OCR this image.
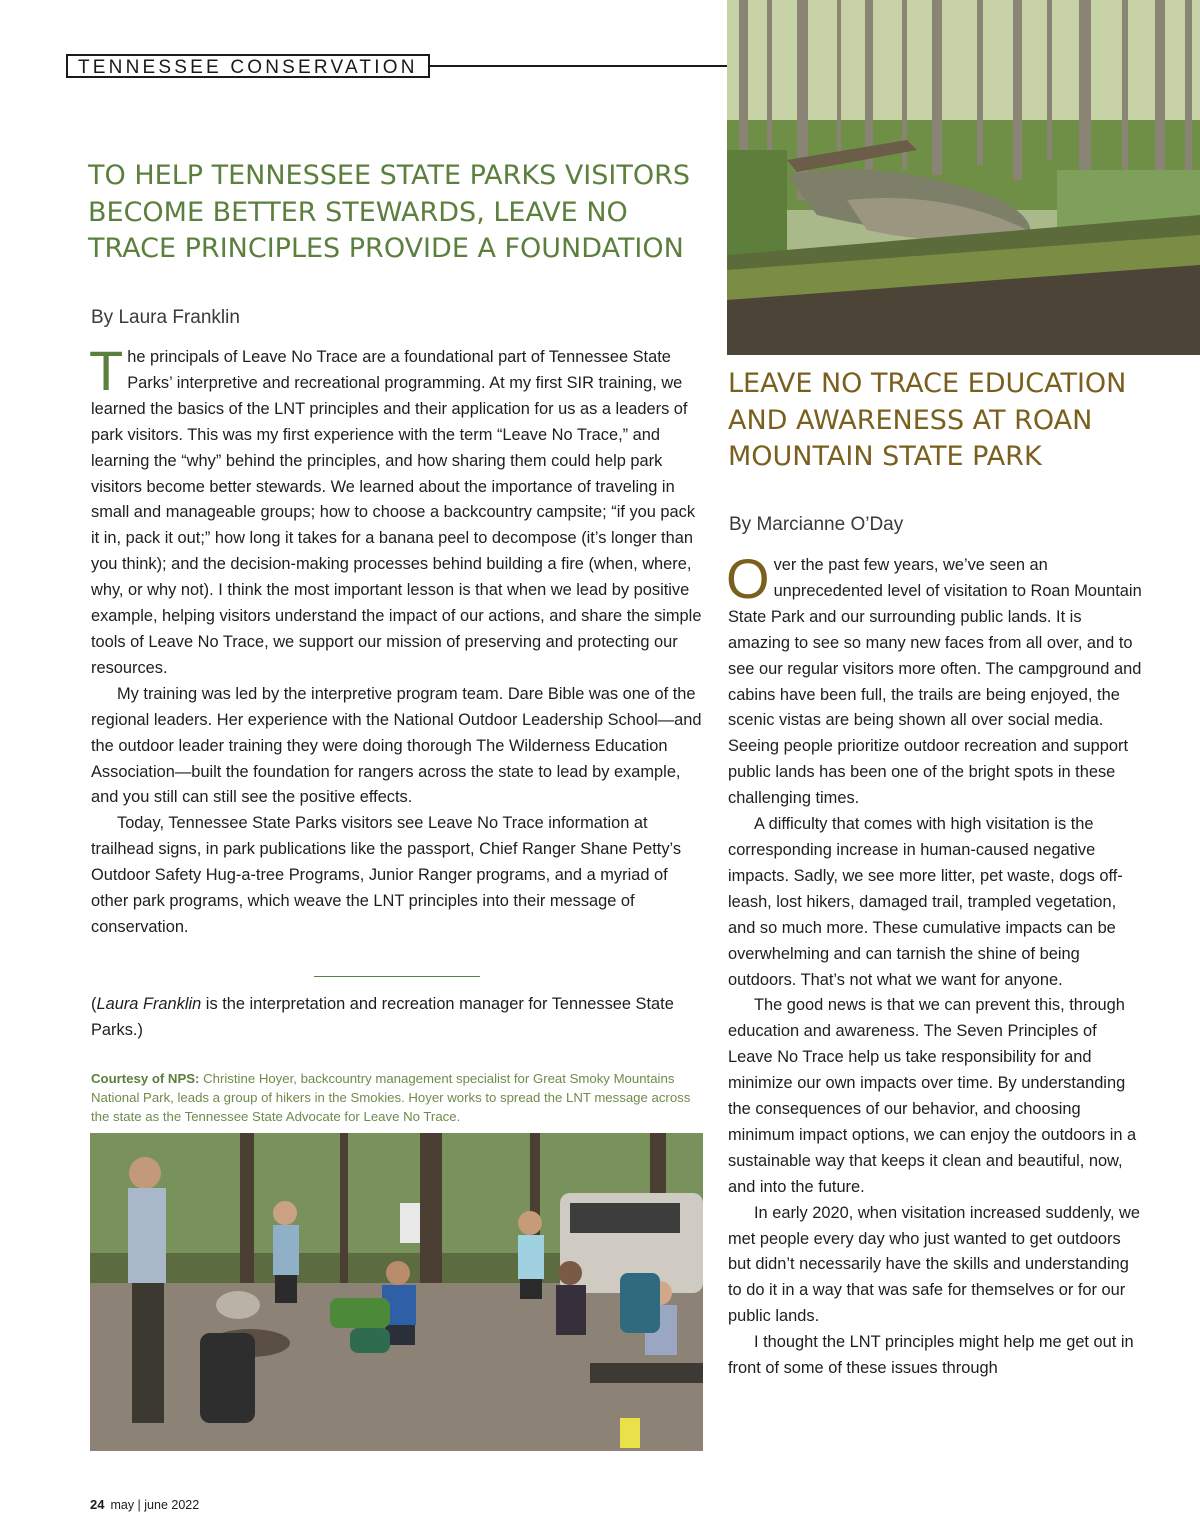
TENNESSEE CONSERVATION
TO HELP TENNESSEE STATE PARKS VISITORS BECOME BETTER STEWARDS, LEAVE NO TRACE PRINCIPLES PROVIDE A FOUNDATION

By Laura Franklin

The principals of Leave No Trace are a foundational part of Tennessee State Parks’ interpretive and recreational programming. At my first SIR training, we learned the basics of the LNT principles and their application for us as a leaders of park visitors. This was my first experience with the term “Leave No Trace,” and learning the “why” behind the principles, and how sharing them could help park visitors become better stewards. We learned about the importance of traveling in small and manageable groups; how to choose a backcountry campsite; “if you pack it in, pack it out;” how long it takes for a banana peel to decompose (it’s longer than you think); and the decision-making processes behind building a fire (when, where, why, or why not). I think the most important lesson is that when we lead by positive example, helping visitors understand the impact of our actions, and share the simple tools of Leave No Trace, we support our mission of preserving and protecting our resources.

My training was led by the interpretive program team. Dare Bible was one of the regional leaders. Her experience with the National Outdoor Leadership School—and the outdoor leader training they were doing thorough The Wilderness Education Association—built the foundation for rangers across the state to lead by example, and you still can still see the positive effects.

Today, Tennessee State Parks visitors see Leave No Trace information at trailhead signs, in park publications like the passport, Chief Ranger Shane Petty’s Outdoor Safety Hug-a-tree Programs, Junior Ranger programs, and a myriad of other park programs, which weave the LNT principles into their message of conservation.

(Laura Franklin is the interpretation and recreation manager for Tennessee State Parks.)

Courtesy of NPS: Christine Hoyer, backcountry management specialist for Great Smoky Mountains National Park, leads a group of hikers in the Smokies. Hoyer works to spread the LNT message across the state as the Tennessee State Advocate for Leave No Trace.

LEAVE NO TRACE EDUCATION AND AWARENESS AT ROAN MOUNTAIN STATE PARK

By Marcianne O’Day

Over the past few years, we’ve seen an unprecedented level of visitation to Roan Mountain State Park and our surrounding public lands. It is amazing to see so many new faces from all over, and to see our regular visitors more often. The campground and cabins have been full, the trails are being enjoyed, the scenic vistas are being shown all over social media. Seeing people prioritize outdoor recreation and support public lands has been one of the bright spots in these challenging times.

A difficulty that comes with high visitation is the corresponding increase in human-caused negative impacts. Sadly, we see more litter, pet waste, dogs off-leash, lost hikers, damaged trail, trampled vegetation, and so much more. These cumulative impacts can be overwhelming and can tarnish the shine of being outdoors. That’s not what we want for anyone.

The good news is that we can prevent this, through education and awareness. The Seven Principles of Leave No Trace help us take responsibility for and minimize our own impacts over time. By understanding the consequences of our behavior, and choosing minimum impact options, we can enjoy the outdoors in a sustainable way that keeps it clean and beautiful, now, and into the future.

In early 2020, when visitation increased suddenly, we met people every day who just wanted to get outdoors but didn’t necessarily have the skills and understanding to do it in a way that was safe for themselves or for our public lands.

I thought the LNT principles might help me get out in front of some of these issues through

24 may | june 2022
